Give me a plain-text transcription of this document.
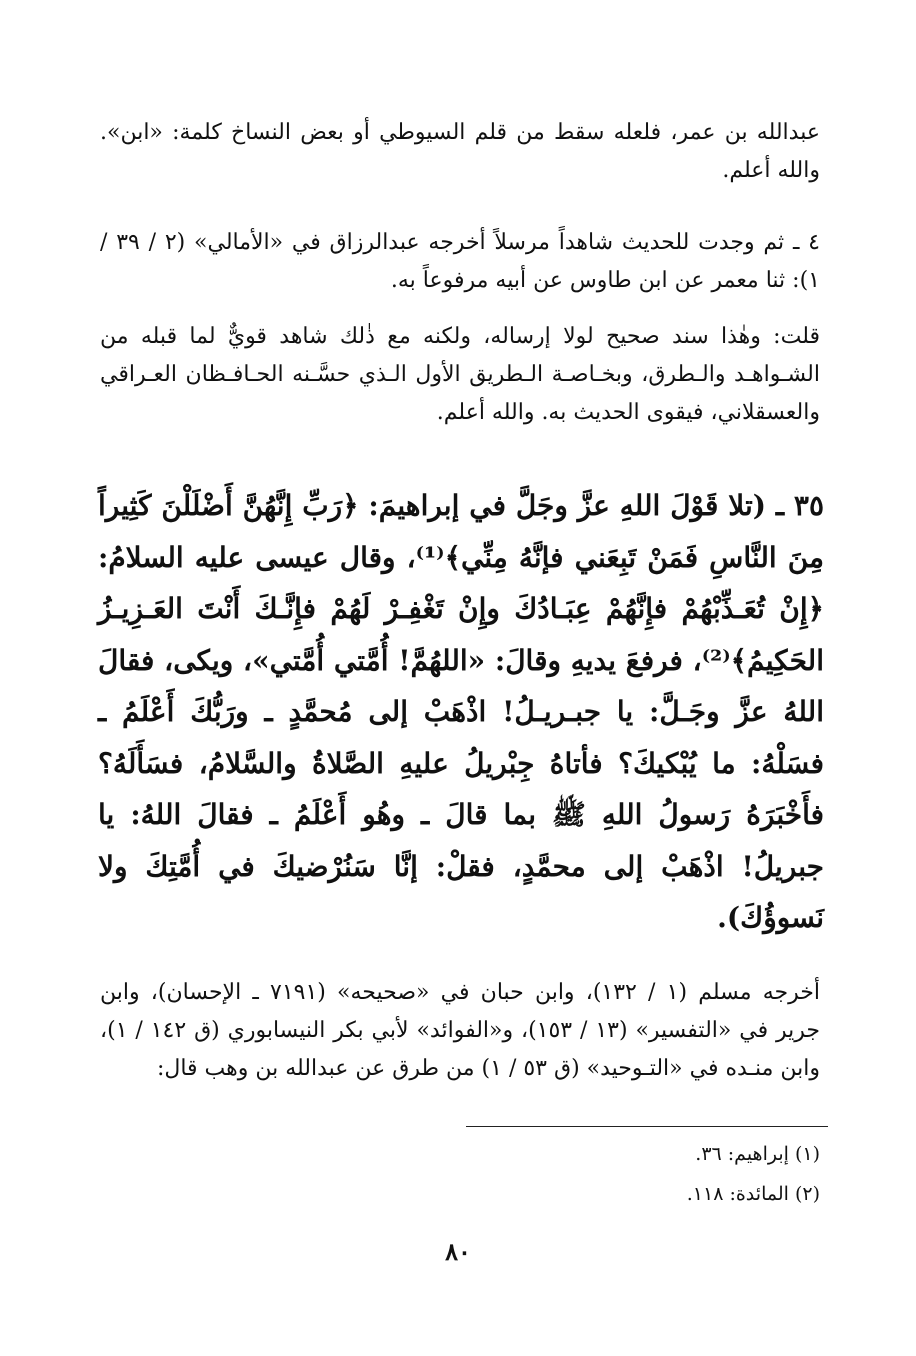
عبدالله بن عمر، فلعله سقط من قلم السيوطي أو بعض النساخ كلمة: «ابن». والله أعلم.

٤ ـ ثم وجدت للحديث شاهداً مرسلاً أخرجه عبدالرزاق في «الأمالي» (٢ / ٣٩ / ١): ثنا معمر عن ابن طاوس عن أبيه مرفوعاً به.

قلت: وهٰذا سند صحيح لولا إرساله، ولكنه مع ذٰلك شاهد قويٌّ لما قبله من الشـواهـد والـطرق، وبخـاصـة الـطريق الأول الـذي حسَّـنه الحـافـظان العـراقي والعسقلاني، فيقوى الحديث به. والله أعلم.

٣٥ ـ (تلا قَوْلَ اللهِ عزَّ وجَلَّ في إبراهيمَ: ﴿رَبِّ إِنَّهُنَّ أَضْلَلْنَ كَثِيراً مِنَ النَّاسِ فَمَنْ تَبِعَني فإنَّهُ مِنِّي﴾⁽¹⁾، وقال عيسى عليه السلامُ: ﴿إِنْ تُعَـذِّبْهُمْ فإِنَّهُمْ عِبَـادُكَ وإِنْ تَغْفِـرْ لَهُمْ فإِنَّـكَ أَنْتَ العَـزِيـزُ الحَكِيمُ﴾⁽²⁾، فرفعَ يديهِ وقالَ: «اللهُمَّ! أُمَّتي أُمَّتي»، ويكى، فقالَ اللهُ عزَّ وجَـلَّ: يا جبـريـلُ! اذْهَبْ إلى مُحمَّدٍ ـ ورَبُّكَ أَعْلَمُ ـ فسَلْهُ: ما يُبْكيكَ؟ فأتاهُ جِبْريلُ عليهِ الصَّلاةُ والسَّلامُ، فسَأَلَهُ؟ فأَخْبَرَهُ رَسولُ اللهِ ﷺ بما قالَ ـ وهُو أَعْلَمُ ـ فقالَ اللهُ: يا جبريلُ! اذْهَبْ إلى محمَّدٍ، فقلْ: إنَّا سَنُرْضيكَ في أُمَّتِكَ ولا نَسوؤُكَ).

أخرجه مسلم (١ / ١٣٢)، وابن حبان في «صحيحه» (٧١٩١ ـ الإحسان)، وابن جرير في «التفسير» (١٣ / ١٥٣)، و«الفوائد» لأبي بكر النيسابوري (ق ١٤٢ / ١)، وابن منـده في «التـوحيد» (ق ٥٣ / ١) من طرق عن عبدالله بن وهب قال:

(١) إبراهيم: ٣٦.

(٢) المائدة: ١١٨.

٨٠
